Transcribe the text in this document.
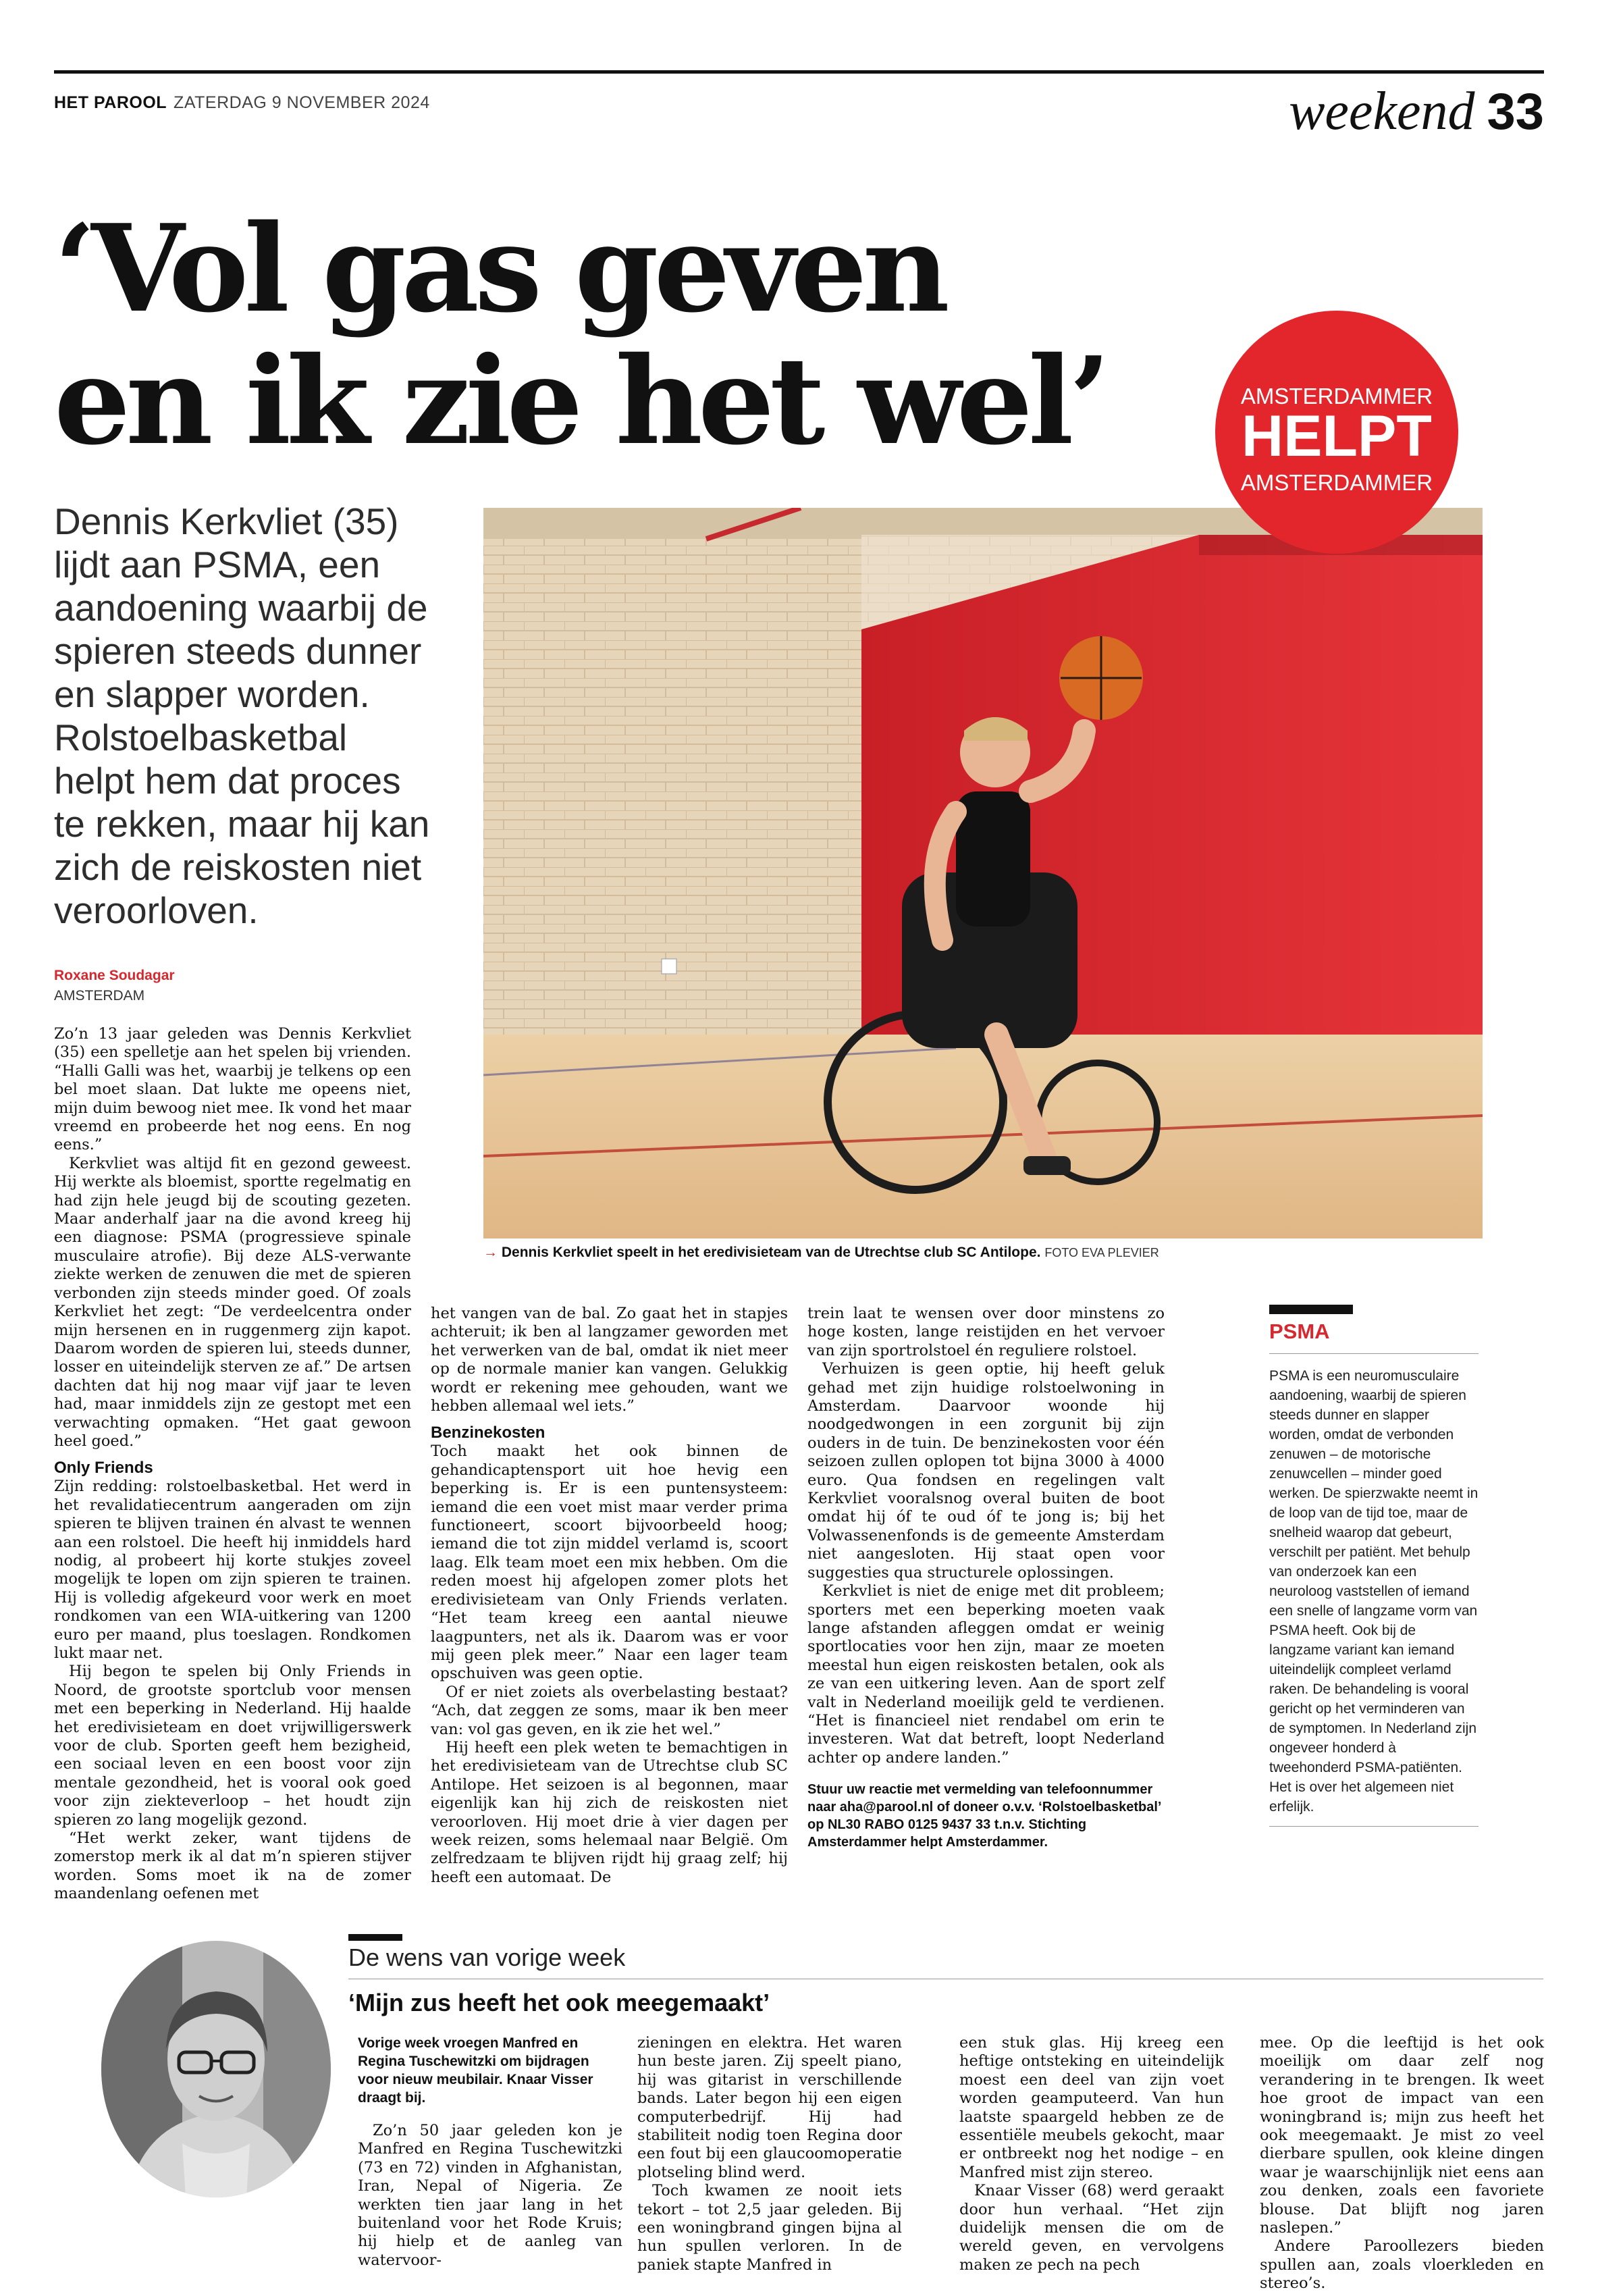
HET PAROOL ZATERDAG 9 NOVEMBER 2024	weekend 33
‘Vol gas geven
en ik zie het wel’

Dennis Kerkvliet (35) lijdt aan PSMA, een aandoening waarbij de spieren steeds dunner en slapper worden. Rolstoelbasketbal helpt hem dat proces te rekken, maar hij kan zich de reiskosten niet veroorloven.

Roxane Soudagar
AMSTERDAM
AMSTERDAMMER
HELPT
AMSTERDAMMER
→ Dennis Kerkvliet speelt in het eredivisieteam van de Utrechtse club SC Antilope. FOTO EVA PLEVIER

Zo’n 13 jaar geleden was Dennis Kerkvliet (35) een spelletje aan het spelen bij vrienden. “Halli Galli was het, waarbij je telkens op een bel moet slaan. Dat lukte me opeens niet, mijn duim bewoog niet mee. Ik vond het maar vreemd en probeerde het nog eens. En nog eens.”

Kerkvliet was altijd fit en gezond geweest. Hij werkte als bloemist, sportte regelmatig en had zijn hele jeugd bij de scouting gezeten. Maar anderhalf jaar na die avond kreeg hij een diagnose: PSMA (progressieve spinale musculaire atrofie). Bij deze ALS-verwante ziekte werken de zenuwen die met de spieren verbonden zijn steeds minder goed. Of zoals Kerkvliet het zegt: “De verdeelcentra onder mijn hersenen en in ruggenmerg zijn kapot. Daarom worden de spieren lui, steeds dunner, losser en uiteindelijk sterven ze af.” De artsen dachten dat hij nog maar vijf jaar te leven had, maar inmiddels zijn ze gestopt met een verwachting opmaken. “Het gaat gewoon heel goed.”

Only Friends

Zijn redding: rolstoelbasketbal. Het werd in het revalidatiecentrum aangeraden om zijn spieren te blijven trainen én alvast te wennen aan een rolstoel. Die heeft hij inmiddels hard nodig, al probeert hij korte stukjes zoveel mogelijk te lopen om zijn spieren te trainen. Hij is volledig afgekeurd voor werk en moet rondkomen van een WIA-uitkering van 1200 euro per maand, plus toeslagen. Rondkomen lukt maar net.

Hij begon te spelen bij Only Friends in Noord, de grootste sportclub voor mensen met een beperking in Nederland. Hij haalde het eredivisieteam en doet vrijwilligerswerk voor de club. Sporten geeft hem bezigheid, een sociaal leven en een boost voor zijn mentale gezondheid, het is vooral ook goed voor zijn ziekteverloop – het houdt zijn spieren zo lang mogelijk gezond.

“Het werkt zeker, want tijdens de zomerstop merk ik al dat m’n spieren stijver worden. Soms moet ik na de zomer maandenlang oefenen met

het vangen van de bal. Zo gaat het in stapjes achteruit; ik ben al langzamer geworden met het verwerken van de bal, omdat ik niet meer op de normale manier kan vangen. Gelukkig wordt er rekening mee gehouden, want we hebben allemaal wel iets.”

Benzinekosten

Toch maakt het ook binnen de gehandicaptensport uit hoe hevig een beperking is. Er is een puntensysteem: iemand die een voet mist maar verder prima functioneert, scoort bijvoorbeeld hoog; iemand die tot zijn middel verlamd is, scoort laag. Elk team moet een mix hebben. Om die reden moest hij afgelopen zomer plots het eredivisieteam van Only Friends verlaten. “Het team kreeg een aantal nieuwe laagpunters, net als ik. Daarom was er voor mij geen plek meer.” Naar een lager team opschuiven was geen optie.

Of er niet zoiets als overbelasting bestaat? “Ach, dat zeggen ze soms, maar ik ben meer van: vol gas geven, en ik zie het wel.”

Hij heeft een plek weten te bemachtigen in het eredivisieteam van de Utrechtse club SC Antilope. Het seizoen is al begonnen, maar eigenlijk kan hij zich de reiskosten niet veroorloven. Hij moet drie à vier dagen per week reizen, soms helemaal naar België. Om zelfredzaam te blijven rijdt hij graag zelf; hij heeft een automaat. De

trein laat te wensen over door minstens zo hoge kosten, lange reistijden en het vervoer van zijn sportrolstoel én reguliere rolstoel.

Verhuizen is geen optie, hij heeft geluk gehad met zijn huidige rolstoelwoning in Amsterdam. Daarvoor woonde hij noodgedwongen in een zorgunit bij zijn ouders in de tuin. De benzinekosten voor één seizoen zullen oplopen tot bijna 3000 à 4000 euro. Qua fondsen en regelingen valt Kerkvliet vooralsnog overal buiten de boot omdat hij óf te oud óf te jong is; bij het Volwassenenfonds is de gemeente Amsterdam niet aangesloten. Hij staat open voor suggesties qua structurele oplossingen.

Kerkvliet is niet de enige met dit probleem; sporters met een beperking moeten vaak lange afstanden afleggen omdat er weinig sportlocaties voor hen zijn, maar ze moeten meestal hun eigen reiskosten betalen, ook als ze van een uitkering leven. Aan de sport zelf valt in Nederland moeilijk geld te verdienen. “Het is financieel niet rendabel om erin te investeren. Wat dat betreft, loopt Nederland achter op andere landen.”

Stuur uw reactie met vermelding van telefoonnummer naar aha@parool.nl of doneer o.v.v. ‘Rolstoelbasketbal’ op NL30 RABO 0125 9437 33 t.n.v. Stichting Amsterdammer helpt Amsterdammer.
PSMA

PSMA is een neuromusculaire aandoening, waarbij de spieren steeds dunner en slapper worden, omdat de verbonden zenuwen – de motorische zenuwcellen – minder goed werken. De spierzwakte neemt in de loop van de tijd toe, maar de snelheid waarop dat gebeurt, verschilt per patiënt. Met behulp van onderzoek kan een neuroloog vaststellen of iemand een snelle of langzame vorm van PSMA heeft. Ook bij de langzame variant kan iemand uiteindelijk compleet verlamd raken. De behandeling is vooral gericht op het verminderen van de symptomen. In Nederland zijn ongeveer honderd à tweehonderd PSMA-patiënten. Het is over het algemeen niet erfelijk.

De wens van vorige week
‘Mijn zus heeft het ook meegemaakt’
Vorige week vroegen Manfred en Regina Tuschewitzki om bijdragen voor nieuw meubilair. Knaar Visser draagt bij.

Zo’n 50 jaar geleden kon je Manfred en Regina Tuschewitzki (73 en 72) vinden in Afghanistan, Iran, Nepal of Nigeria. Ze werkten tien jaar lang in het buitenland voor het Rode Kruis; hij hielp et de aanleg van watervoor-

zieningen en elektra. Het waren hun beste jaren. Zij speelt piano, hij was gitarist in verschillende bands. Later begon hij een eigen computerbedrijf. Hij had stabiliteit nodig toen Regina door een fout bij een glaucoomoperatie plotseling blind werd.

Toch kwamen ze nooit iets tekort – tot 2,5 jaar geleden. Bij een woningbrand gingen bijna al hun spullen verloren. In de paniek stapte Manfred in

een stuk glas. Hij kreeg een heftige ontsteking en uiteindelijk moest een deel van zijn voet worden geamputeerd. Van hun laatste spaargeld hebben ze de essentiële meubels gekocht, maar er ontbreekt nog het nodige – en Manfred mist zijn stereo.

Knaar Visser (68) werd geraakt door hun verhaal. “Het zijn duidelijk mensen die om de wereld geven, en vervolgens maken ze pech na pech

mee. Op die leeftijd is het ook moeilijk om daar zelf nog verandering in te brengen. Ik weet hoe groot de impact van een woningbrand is; mijn zus heeft het ook meegemaakt. Je mist zo veel dierbare spullen, ook kleine dingen waar je waarschijnlijk niet eens aan zou denken, zoals een favoriete blouse. Dat blijft nog jaren naslepen.”

Andere Paroollezers bieden spullen aan, zoals vloerkleden en stereo’s.
